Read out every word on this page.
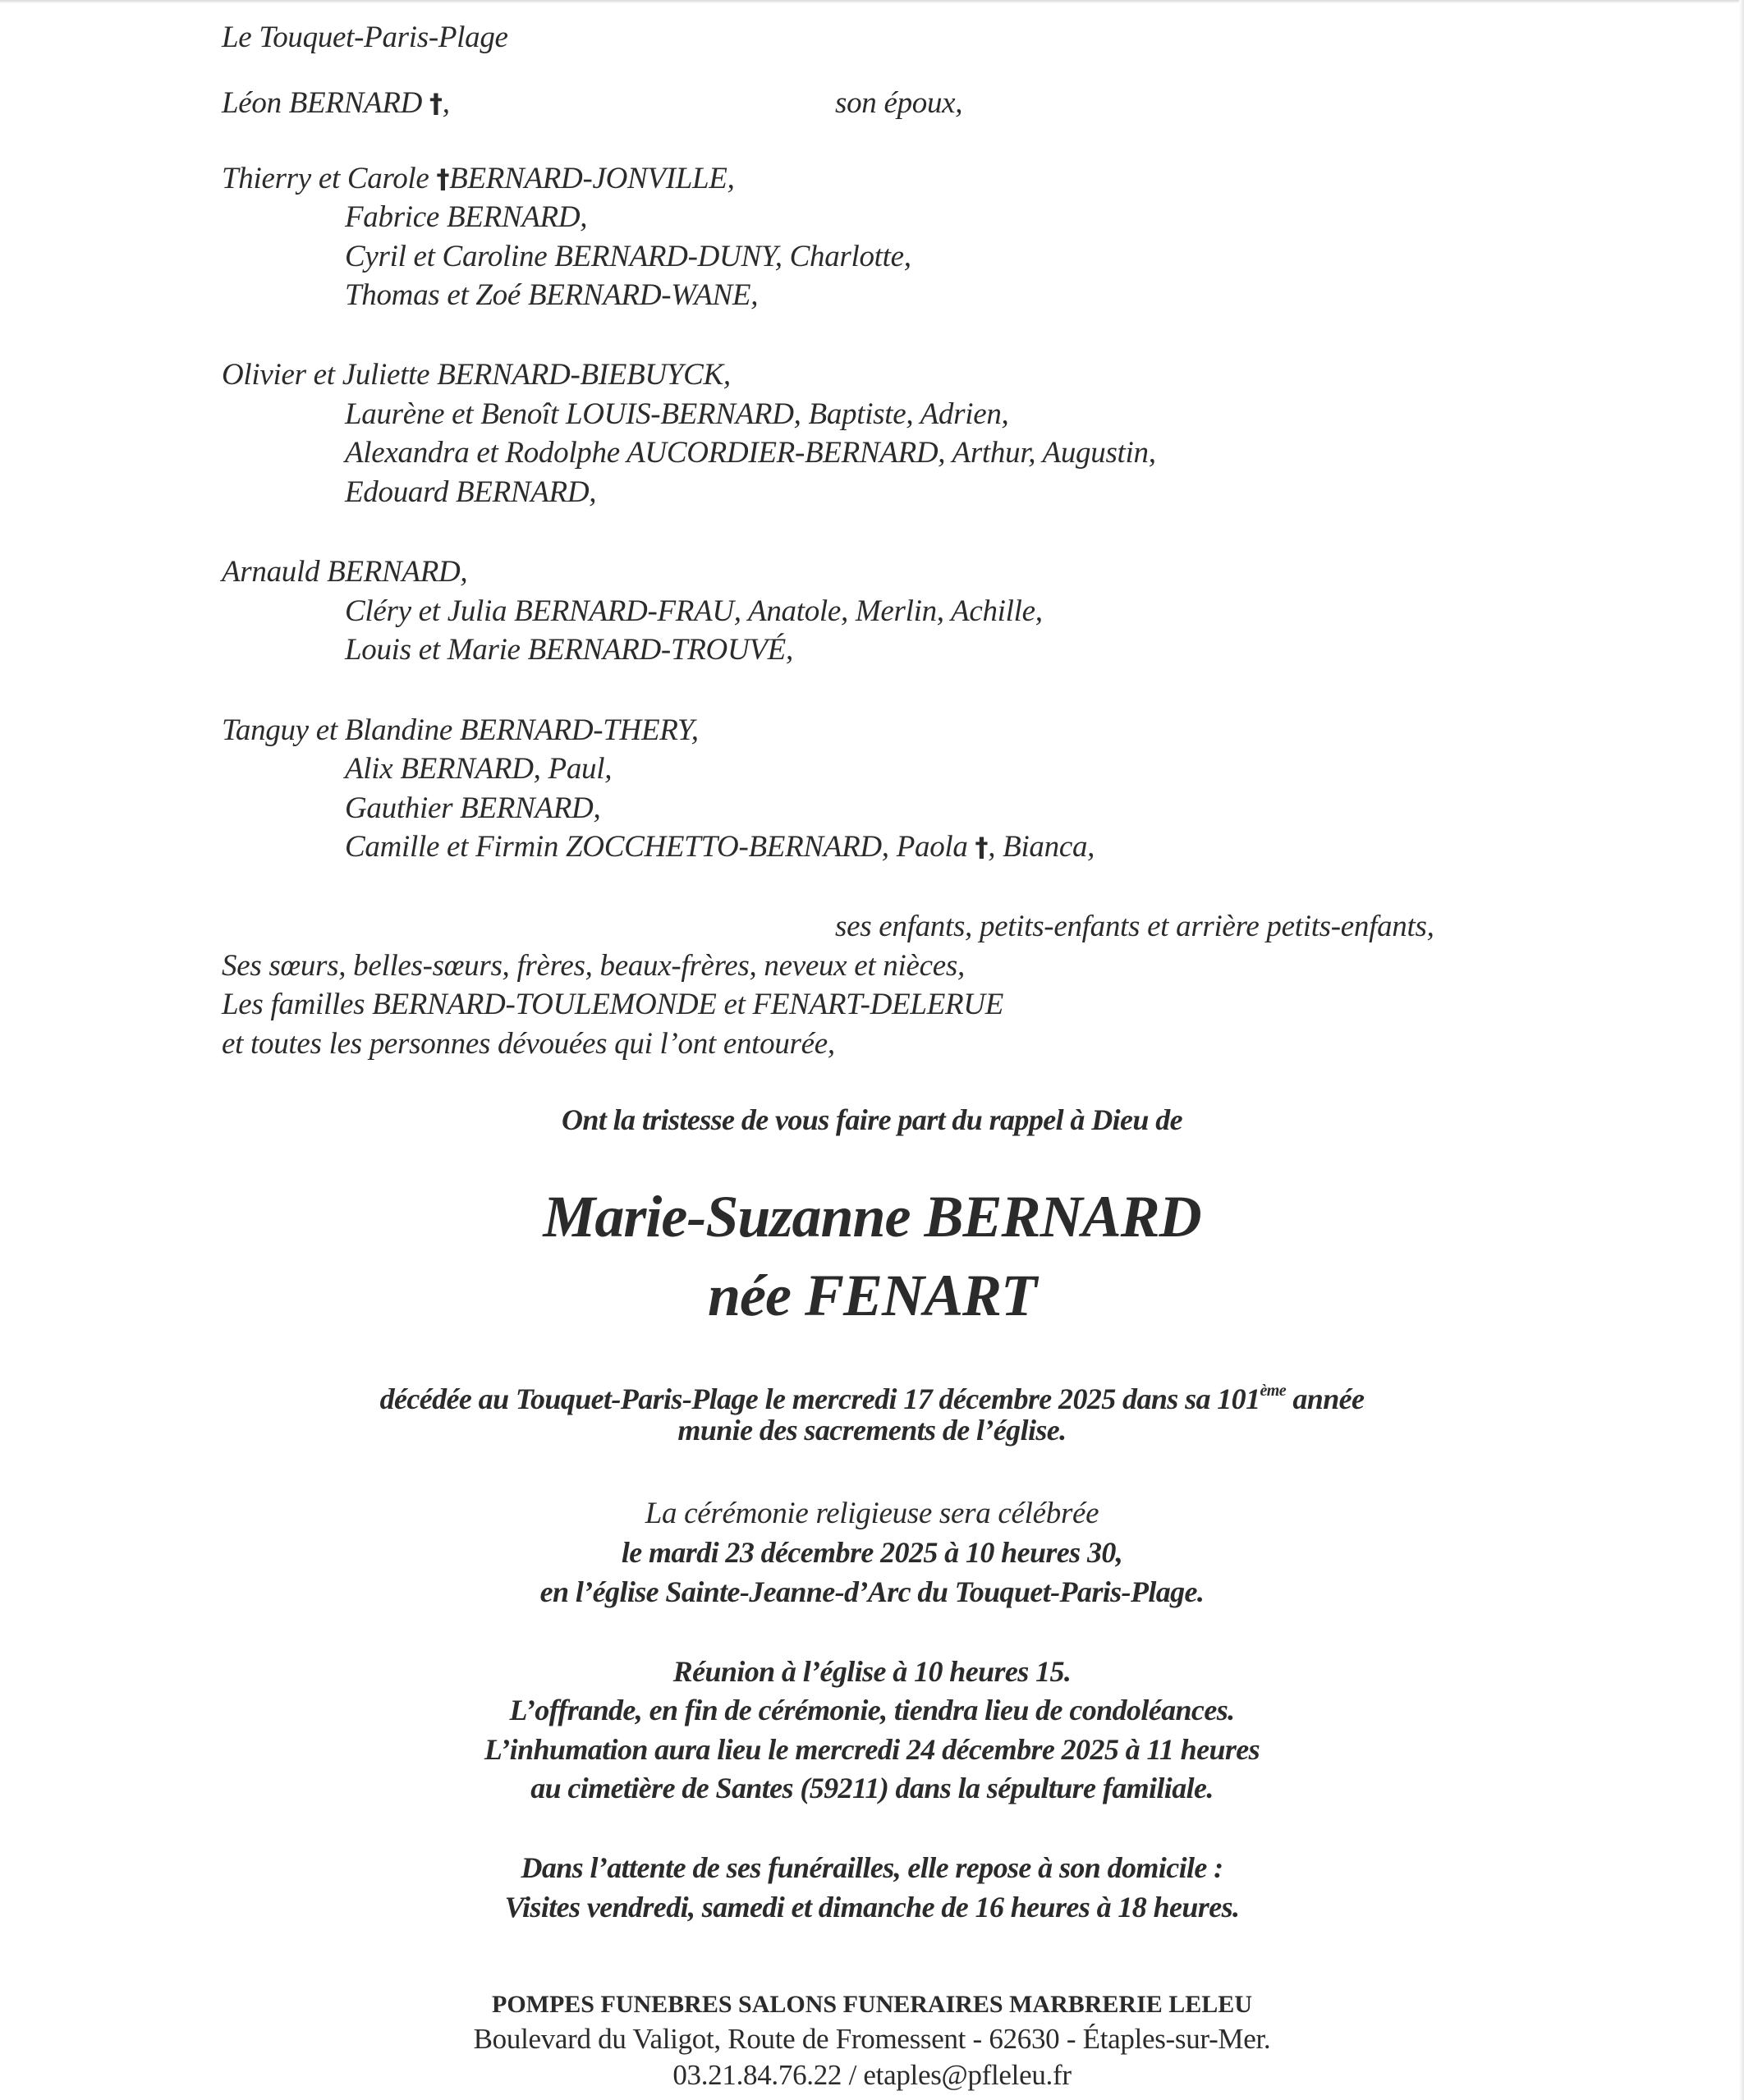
Le Touquet-Paris-Plage
Léon BERNARD †,	son époux,
Thierry et Carole †BERNARD-JONVILLE,
Fabrice BERNARD,
Cyril et Caroline BERNARD-DUNY, Charlotte,
Thomas et Zoé BERNARD-WANE,
Olivier et Juliette BERNARD-BIEBUYCK,
Laurène et Benoît LOUIS-BERNARD, Baptiste, Adrien,
Alexandra et Rodolphe AUCORDIER-BERNARD, Arthur, Augustin,
Edouard BERNARD,
Arnauld BERNARD,
Cléry et Julia BERNARD-FRAU, Anatole, Merlin, Achille,
Louis et Marie BERNARD-TROUVÉ,
Tanguy et Blandine BERNARD-THERY,
Alix BERNARD, Paul,
Gauthier BERNARD,
Camille et Firmin ZOCCHETTO-BERNARD, Paola †, Bianca,
ses enfants, petits-enfants et arrière petits-enfants,
Ses sœurs, belles-sœurs, frères, beaux-frères, neveux et nièces,
Les familles BERNARD-TOULEMONDE et FENART-DELERUE
et toutes les personnes dévouées qui l’ont entourée,
Ont la tristesse de vous faire part du rappel à Dieu de
Marie-Suzanne BERNARD
née FENART
décédée au Touquet-Paris-Plage le mercredi 17 décembre 2025 dans sa 101ème année
munie des sacrements de l’église.
La cérémonie religieuse sera célébrée
le mardi 23 décembre 2025 à 10 heures 30,
en l’église Sainte-Jeanne-d’Arc du Touquet-Paris-Plage.
Réunion à l’église à 10 heures 15.
L’offrande, en fin de cérémonie, tiendra lieu de condoléances.
L’inhumation aura lieu le mercredi 24 décembre 2025 à 11 heures
au cimetière de Santes (59211) dans la sépulture familiale.
Dans l’attente de ses funérailles, elle repose à son domicile :
Visites vendredi, samedi et dimanche de 16 heures à 18 heures.
POMPES FUNEBRES SALONS FUNERAIRES MARBRERIE LELEU
Boulevard du Valigot, Route de Fromessent - 62630 - Étaples-sur-Mer.
03.21.84.76.22 / etaples@pfleleu.fr
